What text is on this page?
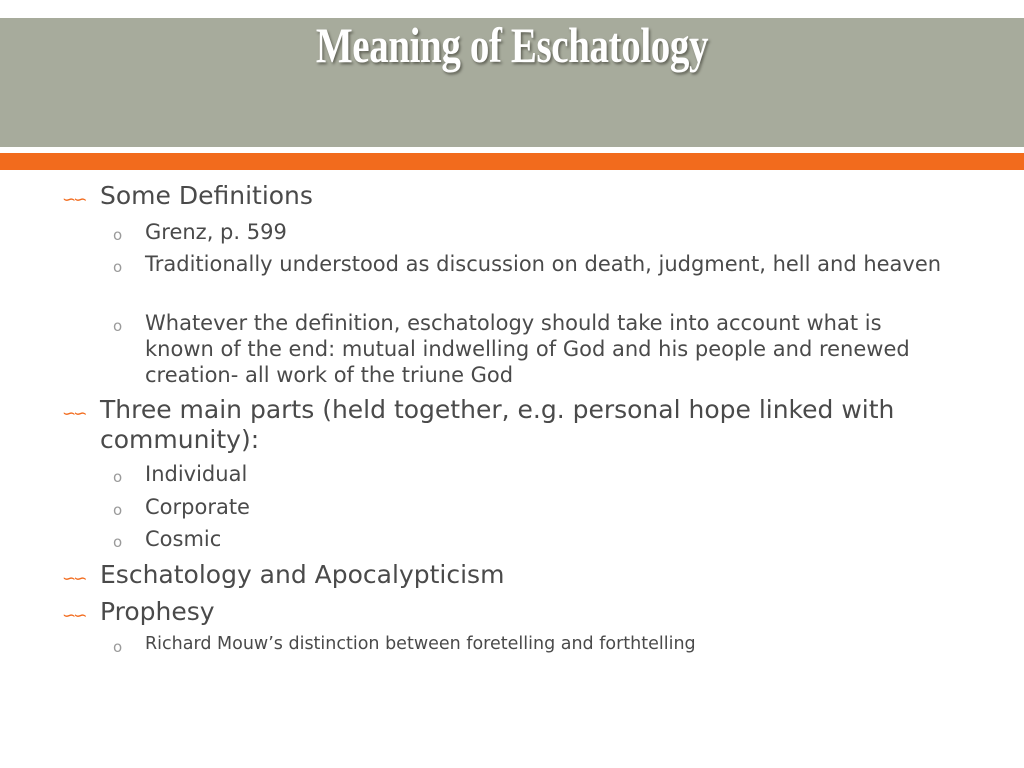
Meaning of Eschatology
∽∽ Some Definitions

o Grenz, p. 599

o Traditionally understood as discussion on death, judgment, hell and heaven

o Whatever the definition, eschatology should take into account what is known of the end: mutual indwelling of God and his people and renewed creation- all work of the triune God

∽∽ Three main parts (held together, e.g. personal hope linked with community):

o Individual

o Corporate

o Cosmic

∽∽ Eschatology and Apocalypticism

∽∽ Prophesy

o Richard Mouw’s distinction between foretelling and forthtelling
